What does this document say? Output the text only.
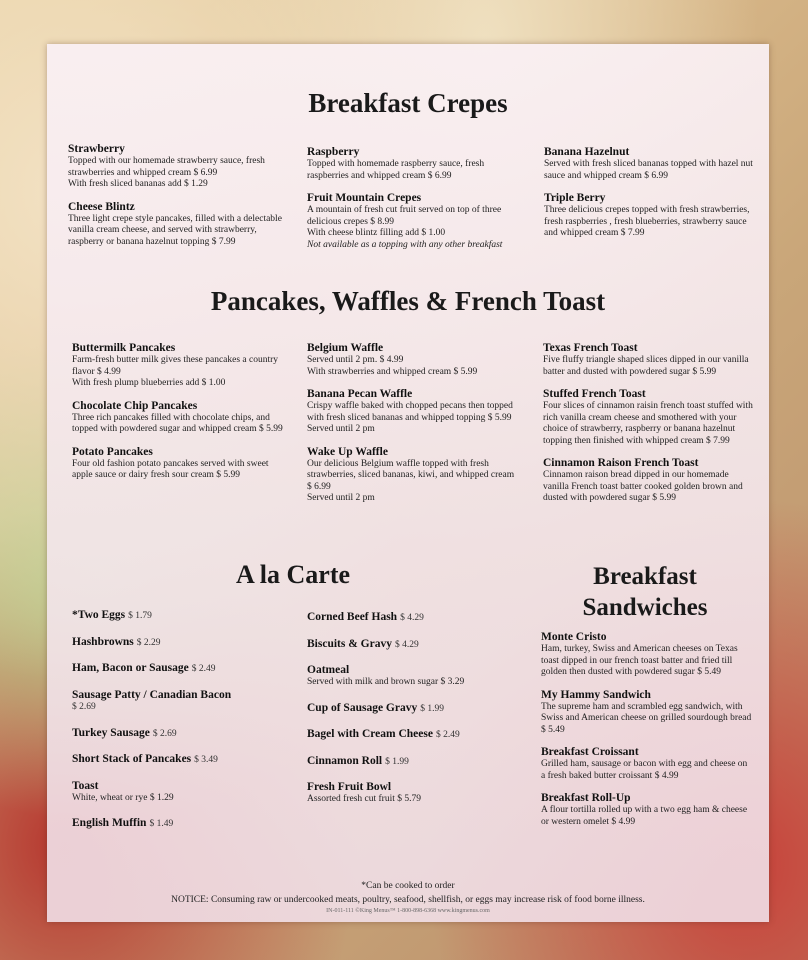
Breakfast Crepes
Strawberry
Topped with our homemade strawberry sauce, fresh strawberries and whipped cream $ 6.99
With fresh sliced bananas add $ 1.29
Cheese Blintz
Three light crepe style pancakes, filled with a delectable vanilla cream cheese, and served with strawberry, raspberry or banana hazelnut topping $ 7.99
Raspberry
Topped with homemade raspberry sauce, fresh raspberries and whipped cream $ 6.99
Fruit Mountain Crepes
A mountain of fresh cut fruit served on top of three delicious crepes $ 8.99
With cheese blintz filling add $ 1.00
Not available as a topping with any other breakfast
Banana Hazelnut
Served with fresh sliced bananas topped with hazel nut sauce and whipped cream $ 6.99
Triple Berry
Three delicious crepes topped with fresh strawberries, fresh raspberries , fresh blueberries, strawberry sauce and whipped cream $ 7.99
Pancakes, Waffles & French Toast
Buttermilk Pancakes
Farm-fresh butter milk gives these pancakes a country flavor $ 4.99
With fresh plump blueberries add $ 1.00
Chocolate Chip Pancakes
Three rich pancakes filled with chocolate chips, and topped with powdered sugar and whipped cream $ 5.99
Potato Pancakes
Four old fashion potato pancakes served with sweet apple sauce or dairy fresh sour cream $ 5.99
Belgium Waffle
Served until 2 pm. $ 4.99
With strawberries and whipped cream $ 5.99
Banana Pecan Waffle
Crispy waffle baked with chopped pecans then topped with fresh sliced bananas and whipped topping $ 5.99
Served until 2 pm
Wake Up Waffle
Our delicious Belgium waffle topped with fresh strawberries, sliced bananas, kiwi, and whipped cream $ 6.99
Served until 2 pm
Texas French Toast
Five fluffy triangle shaped slices dipped in our vanilla batter and dusted with powdered sugar $ 5.99
Stuffed French Toast
Four slices of cinnamon raisin french toast stuffed with rich vanilla cream cheese and smothered with your choice of strawberry, raspberry or banana hazelnut topping then finished with whipped cream $ 7.99
Cinnamon Raison French Toast
Cinnamon raison bread dipped in our homemade vanilla French toast batter cooked golden brown and dusted with powdered sugar $ 5.99
A la Carte
*Two Eggs $ 1.79
Hashbrowns $ 2.29
Ham, Bacon or Sausage $ 2.49
Sausage Patty / Canadian Bacon
$ 2.69
Turkey Sausage $ 2.69
Short Stack of Pancakes $ 3.49
Toast
White, wheat or rye $ 1.29
English Muffin $ 1.49
Corned Beef Hash $ 4.29
Biscuits & Gravy $ 4.29
Oatmeal
Served with milk and brown sugar $ 3.29
Cup of Sausage Gravy $ 1.99
Bagel with Cream Cheese $ 2.49
Cinnamon Roll $ 1.99
Fresh Fruit Bowl
Assorted fresh cut fruit $ 5.79
Breakfast
Sandwiches
Monte Cristo
Ham, turkey, Swiss and American cheeses on Texas toast dipped in our french toast batter and fried till golden then dusted with powdered sugar $ 5.49
My Hammy Sandwich
The supreme ham and scrambled egg sandwich, with Swiss and American cheese on grilled sourdough bread $ 5.49
Breakfast Croissant
Grilled ham, sausage or bacon with egg and cheese on a fresh baked butter croissant $ 4.99
Breakfast Roll-Up
A flour tortilla rolled up with a two egg ham & cheese or western omelet $ 4.99
*Can be cooked to order
NOTICE: Consuming raw or undercooked meats, poultry, seafood, shellfish, or eggs may increase risk of food borne illness.
IN-011-111 ©King Menus™ 1-800-898-6368 www.kingmenus.com
